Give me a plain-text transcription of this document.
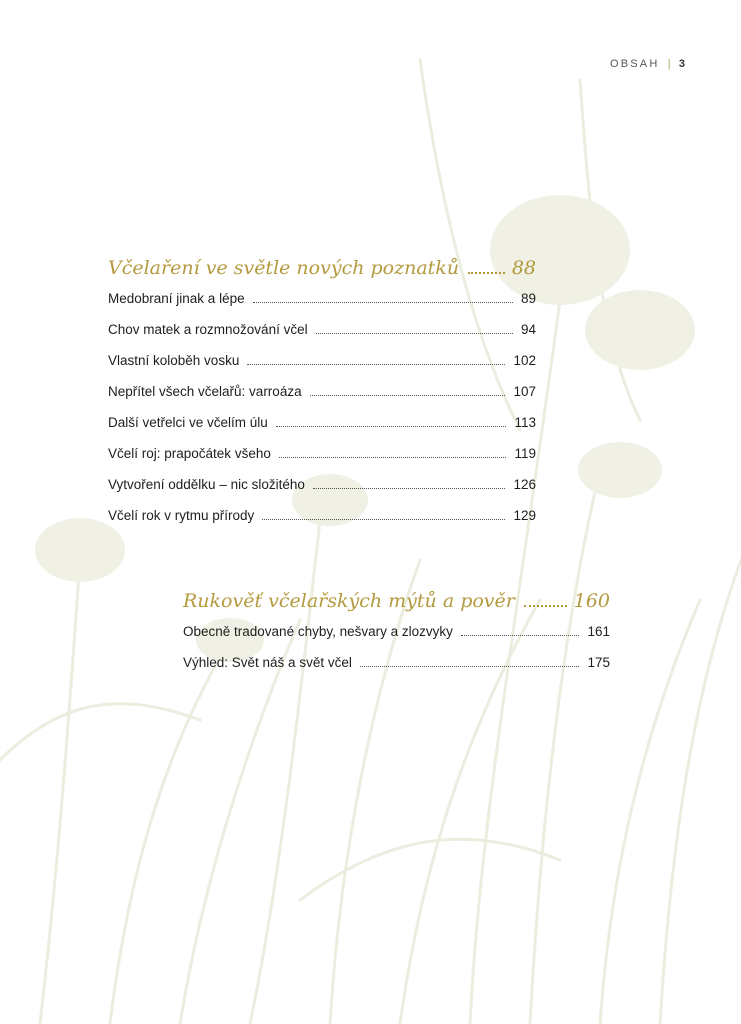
OBSAH | 3
Včelaření ve světle nových poznatků	88
Medobraní jinak a lépe	89
Chov matek a rozmnožování včel	94
Vlastní koloběh vosku	102
Nepřítel všech včelařů: varroáza	107
Další vetřelci ve včelím úlu	113
Včelí roj: prapočátek všeho	119
Vytvoření oddělku – nic složitého	126
Včelí rok v rytmu přírody	129
Rukověť včelařských mýtů a pověr	160
Obecně tradované chyby, nešvary a zlozvyky	161
Výhled: Svět náš a svět včel	175
